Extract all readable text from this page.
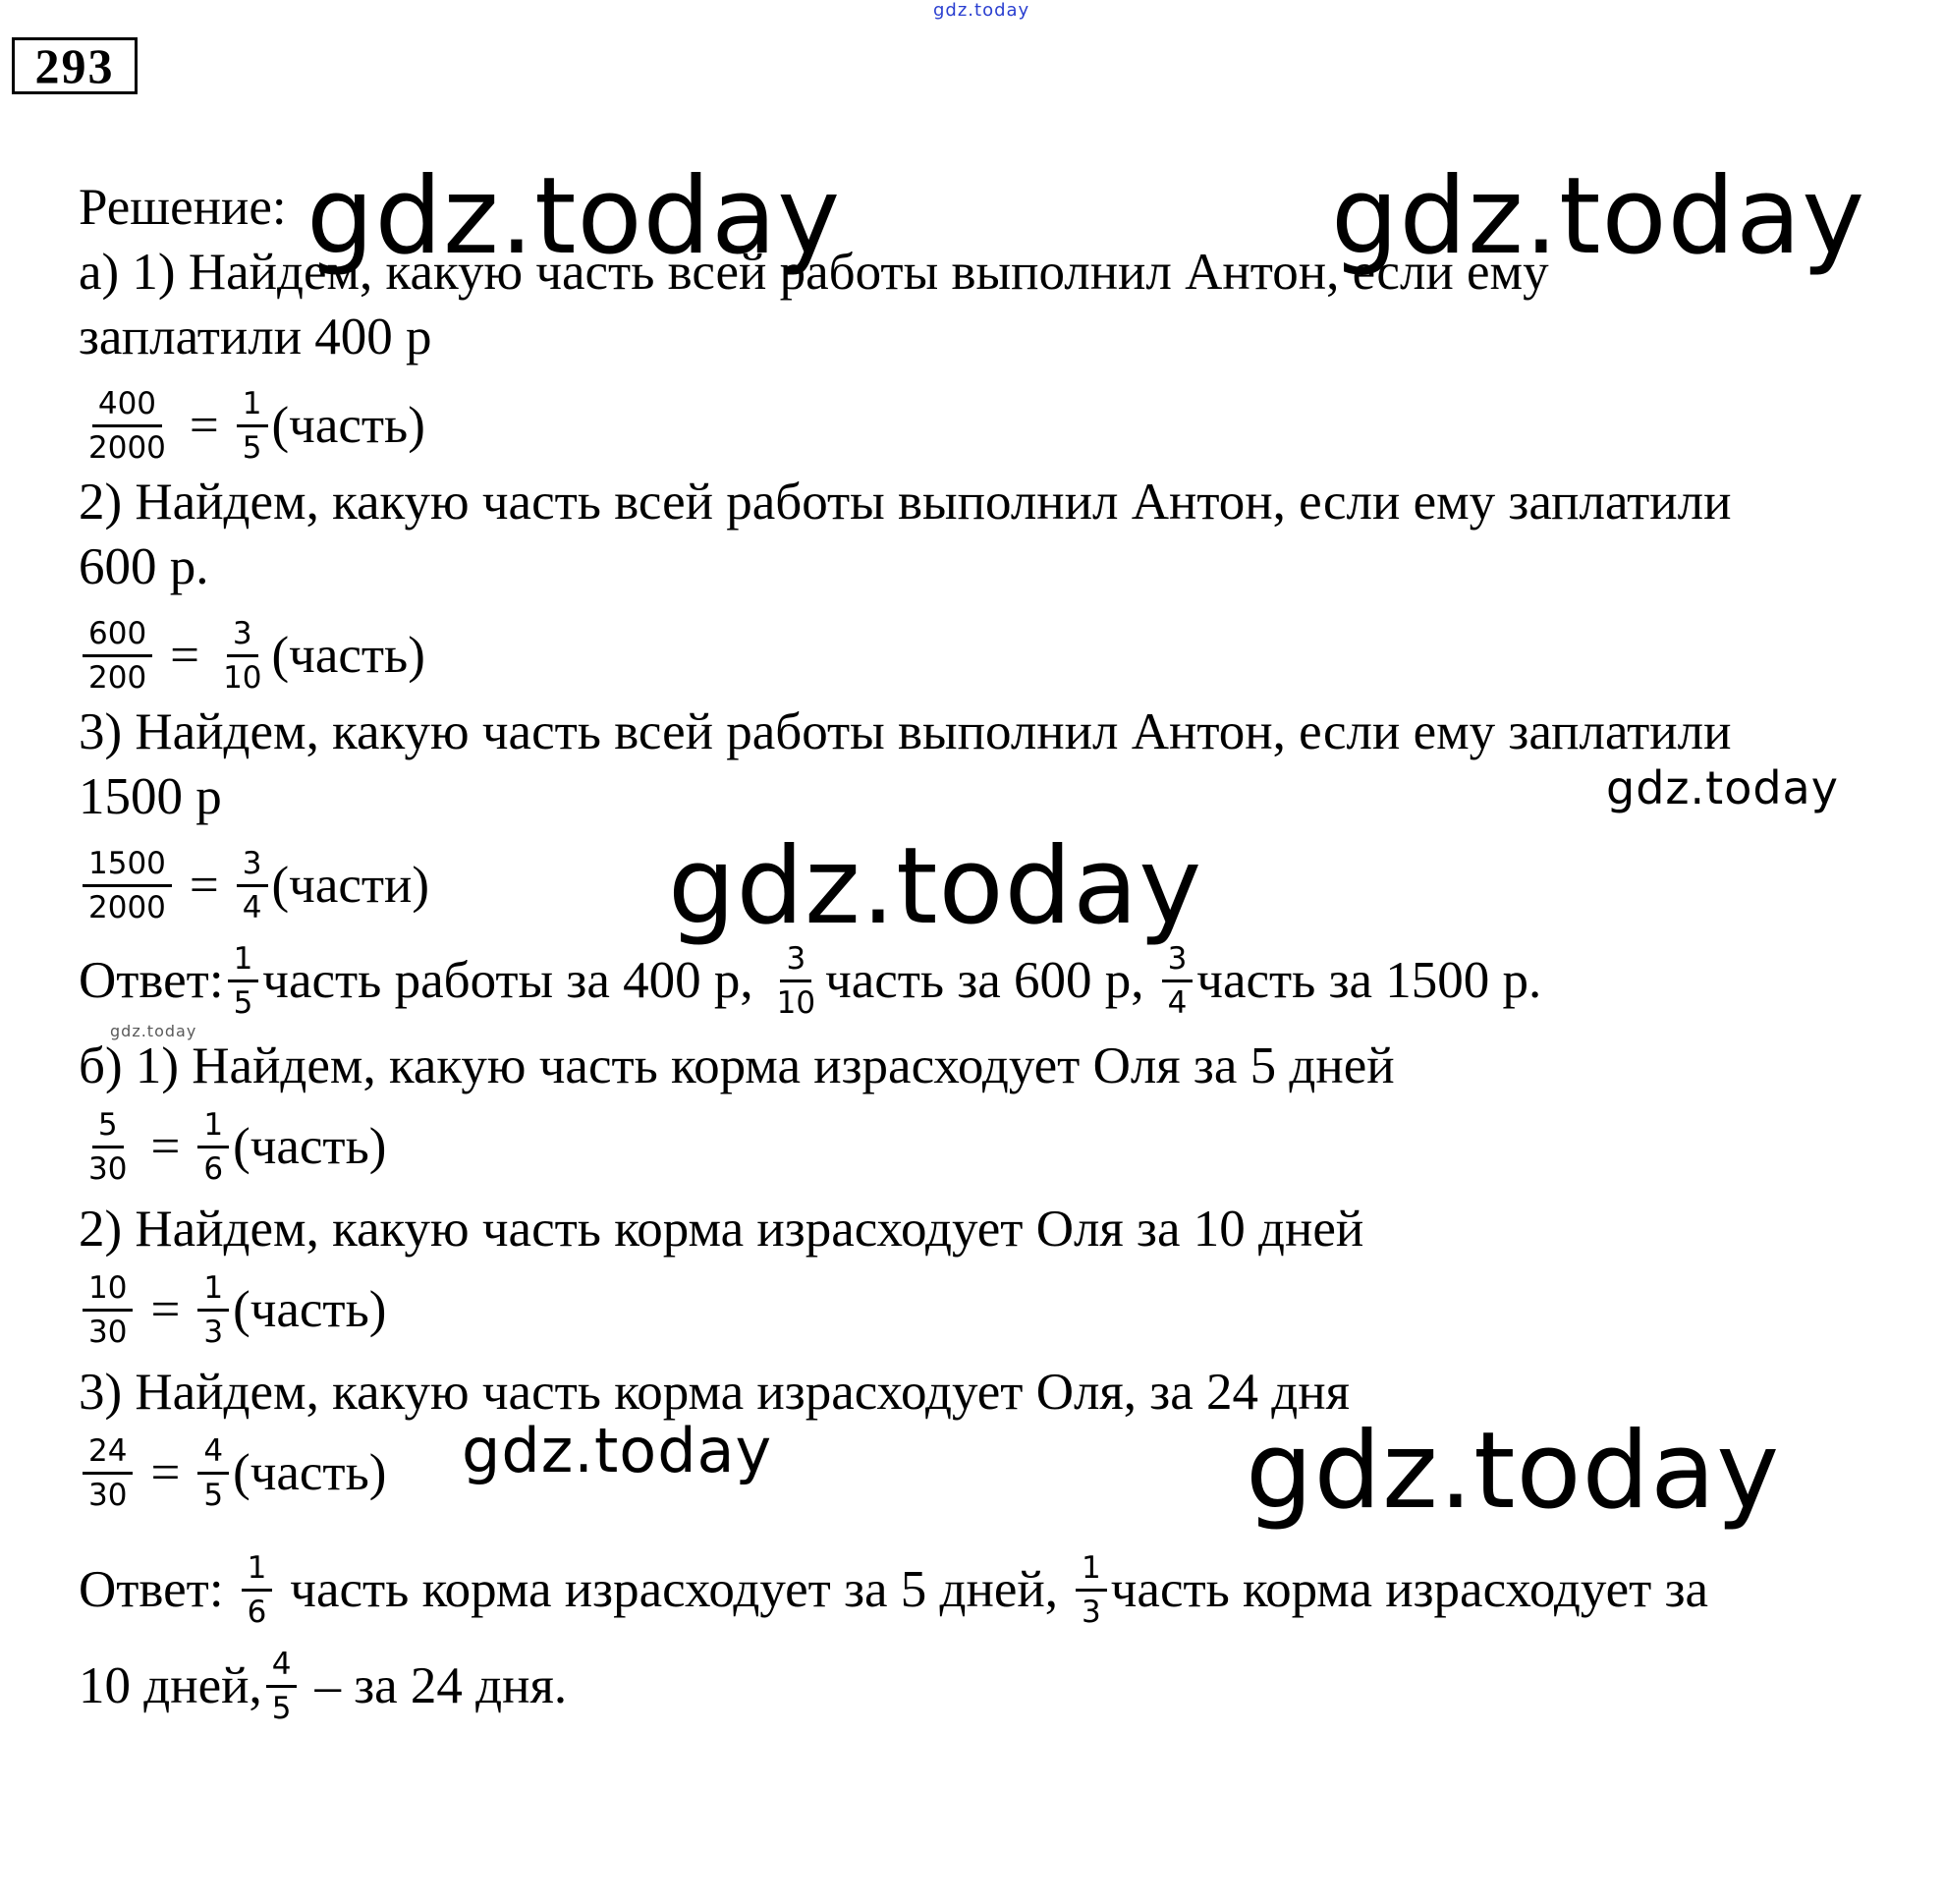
gdz.today
gdz.today	gdz.today
gdz.today
gdz.today
gdz.today
gdz.today	gdz.today
293
Решение:
а) 1) Найдем, какую часть всей работы выполнил Антон, если ему
заплатили 400 р
$\frac{400}{2000} = \frac{1}{5}$ (часть)
2) Найдем, какую часть всей работы выполнил Антон, если ему заплатили
600 р.
$\frac{600}{200} = \frac{3}{10}$ (часть)
3) Найдем, какую часть всей работы выполнил Антон, если ему заплатили
1500 р
$\frac{1500}{2000} = \frac{3}{4}$ (части)
Ответ: $\frac{1}{5}$ часть работы за 400 р, $\frac{3}{10}$ часть за 600 р, $\frac{3}{4}$ часть за 1500 р.
б) 1) Найдем, какую часть корма израсходует Оля за 5 дней
$\frac{5}{30} = \frac{1}{6}$ (часть)
2) Найдем, какую часть корма израсходует Оля за 10 дней
$\frac{10}{30} = \frac{1}{3}$ (часть)
3) Найдем, какую часть корма израсходует Оля, за 24 дня
$\frac{24}{30} = \frac{4}{5}$ (часть)
Ответ: $\frac{1}{6}$ часть корма израсходует за 5 дней, $\frac{1}{3}$ часть корма израсходует за
10 дней, $\frac{4}{5}$ – за 24 дня.
